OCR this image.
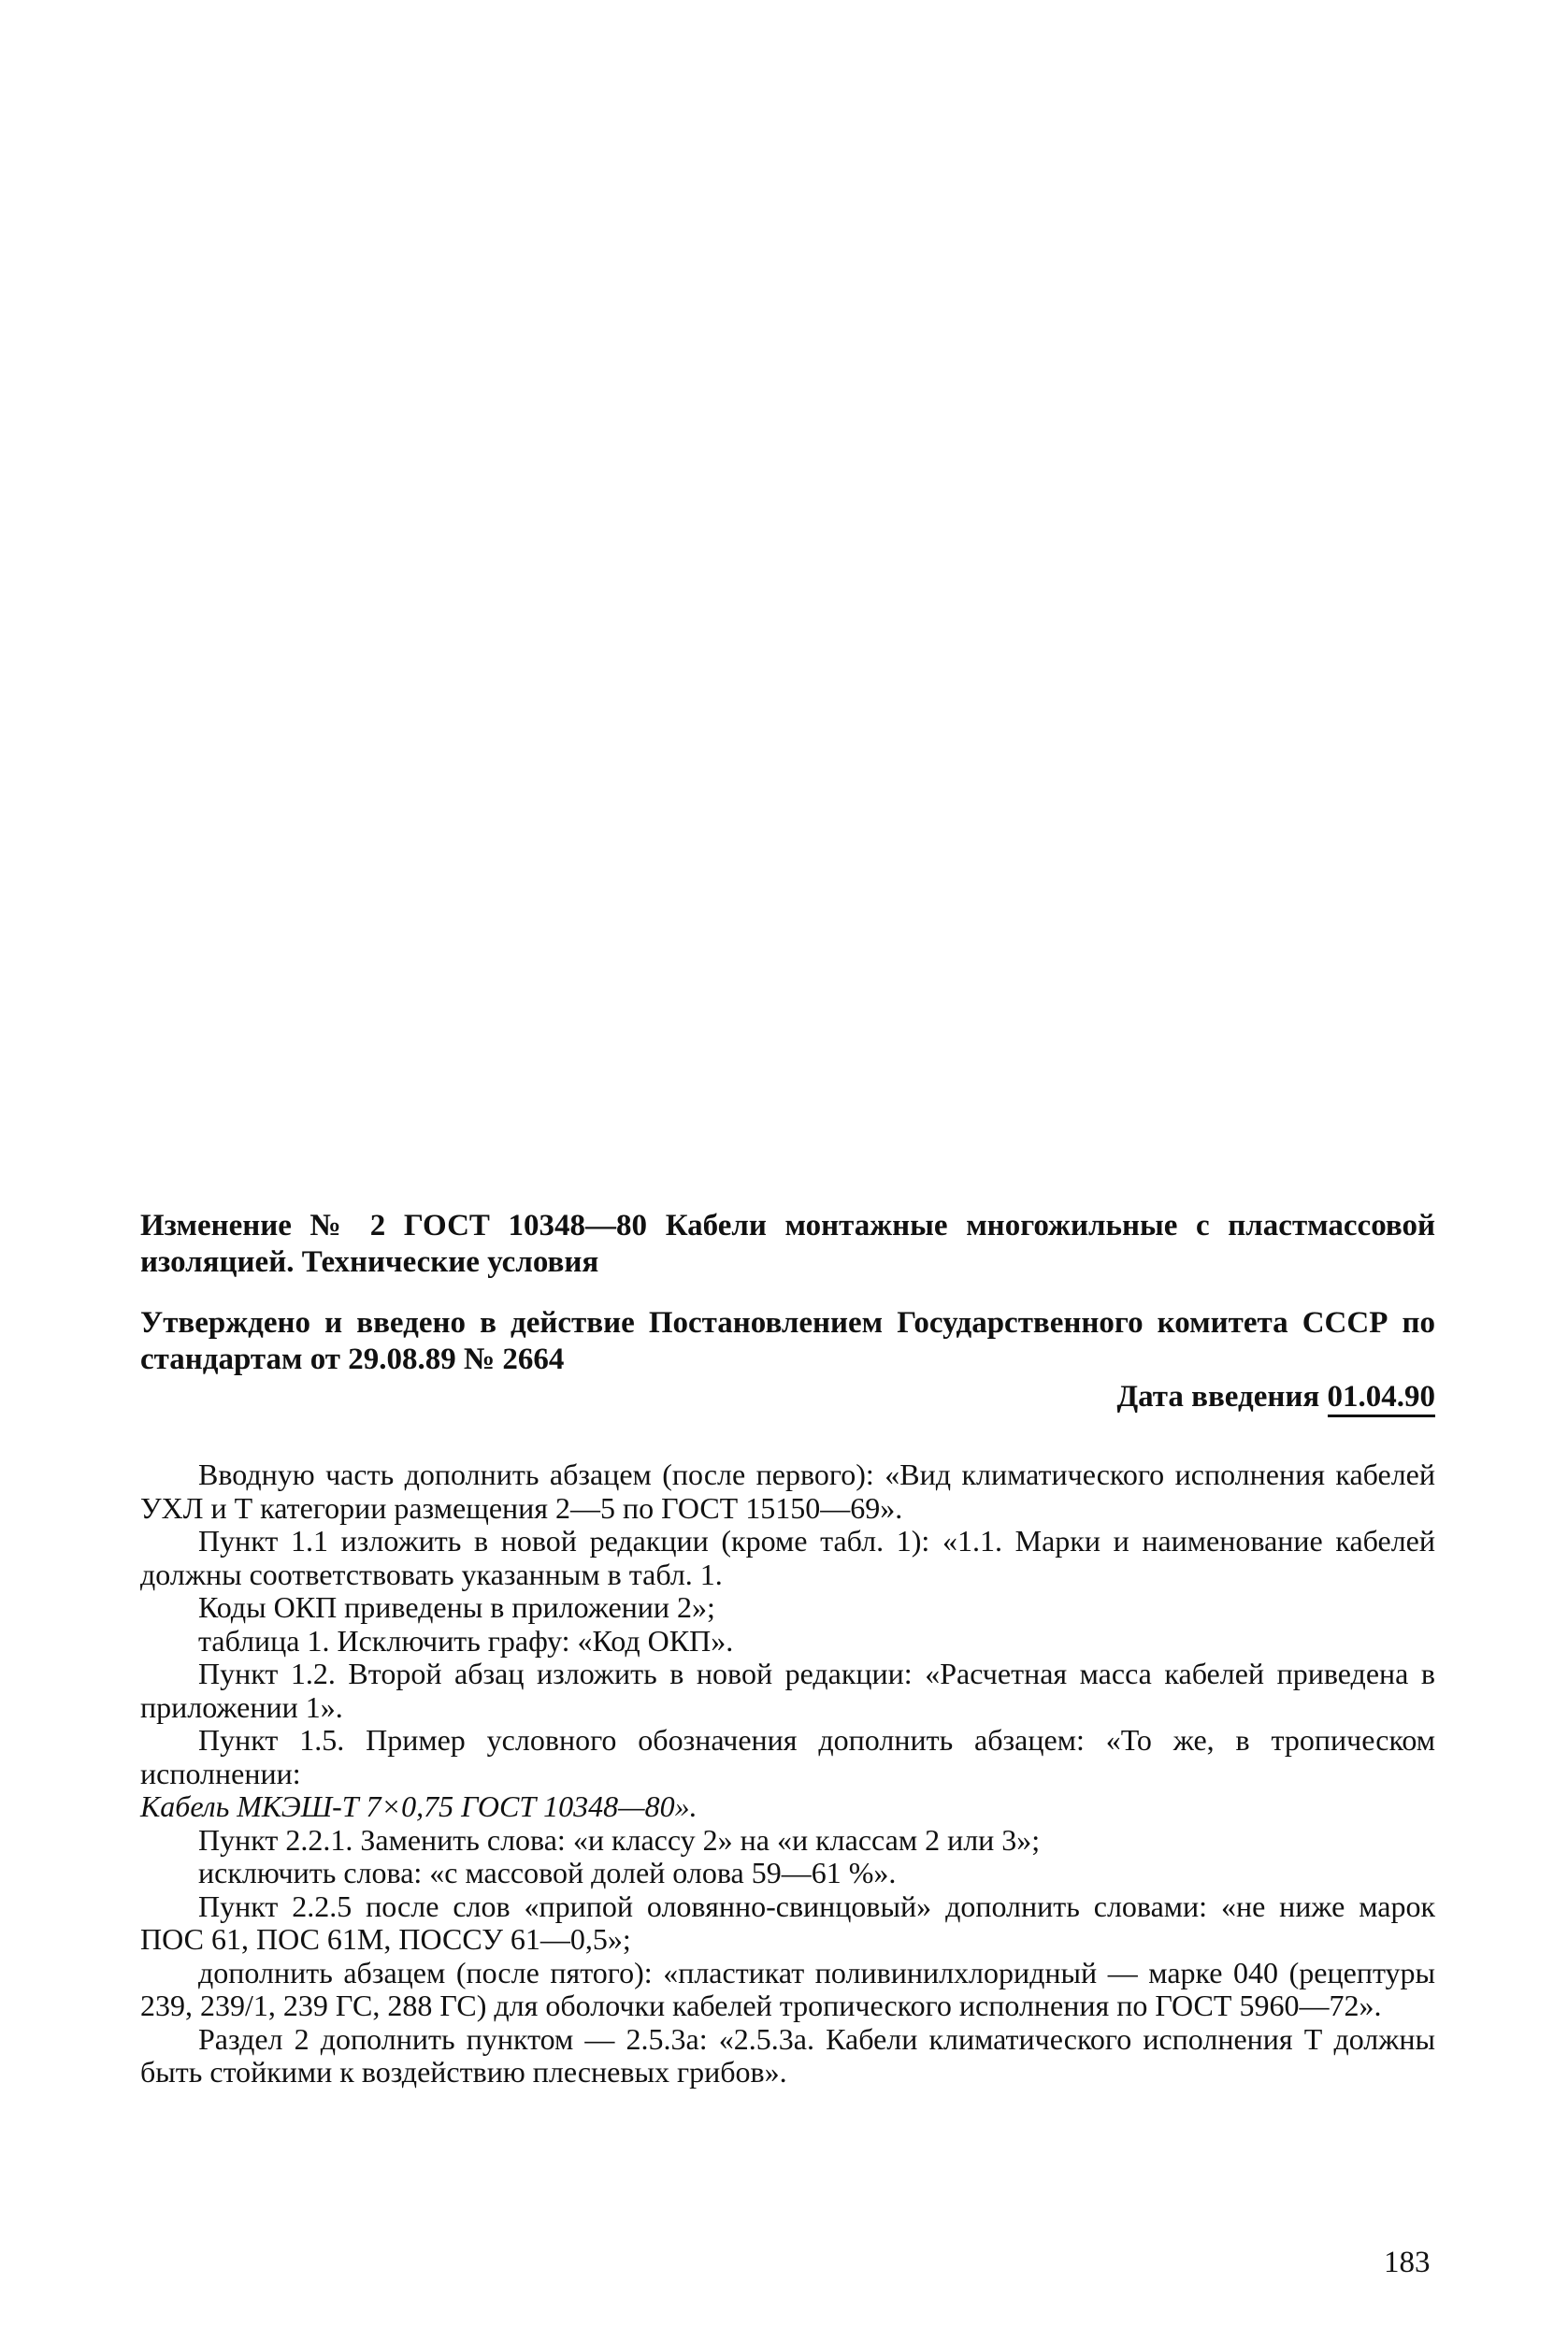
Изменение № 2 ГОСТ 10348—80 Кабели монтажные многожильные с пластмассовой изоляцией. Технические условия

Утверждено и введено в действие Постановлением Государственного комитета СССР по стандартам от 29.08.89 № 2664

Дата введения 01.04.90

Вводную часть дополнить абзацем (после первого): «Вид климатического исполнения кабелей УХЛ и Т категории размещения 2—5 по ГОСТ 15150—69».

Пункт 1.1 изложить в новой редакции (кроме табл. 1): «1.1. Марки и наименование кабелей должны соответствовать указанным в табл. 1.

Коды ОКП приведены в приложении 2»;

таблица 1. Исключить графу: «Код ОКП».

Пункт 1.2. Второй абзац изложить в новой редакции: «Расчетная масса кабелей приведена в приложении 1».

Пункт 1.5. Пример условного обозначения дополнить абзацем: «То же, в тропическом исполнении:

Кабель МКЭШ-Т 7×0,75 ГОСТ 10348—80».

Пункт 2.2.1. Заменить слова: «и классу 2» на «и классам 2 или 3»;

исключить слова: «с массовой долей олова 59—61 %».

Пункт 2.2.5 после слов «припой оловянно-свинцовый» дополнить словами: «не ниже марок ПОС 61, ПОС 61М, ПОССУ 61—0,5»;

дополнить абзацем (после пятого): «пластикат поливинилхлоридный — марке 040 (рецептуры 239, 239/1, 239 ГС, 288 ГС) для оболочки кабелей тропического исполнения по ГОСТ 5960—72».

Раздел 2 дополнить пунктом — 2.5.3а: «2.5.3а. Кабели климатического исполнения Т должны быть стойкими к воздействию плесневых грибов».

183
